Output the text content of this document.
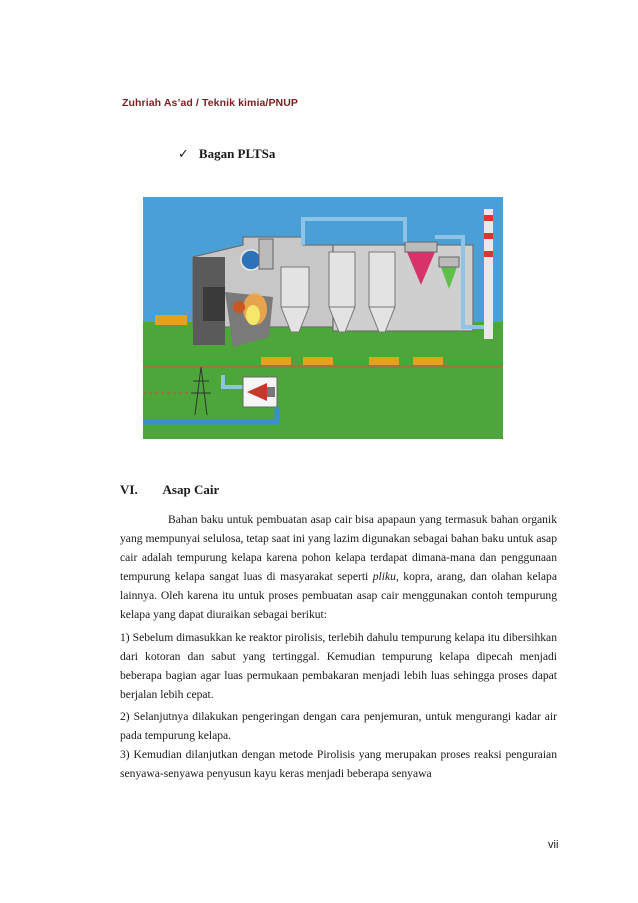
Zuhriah As’ad / Teknik kimia/PNUP
✓ Bagan PLTSa
VI. Asap Cair
Bahan baku untuk pembuatan asap cair bisa apapaun yang termasuk bahan organik yang mempunyai selulosa, tetap saat ini yang lazim digunakan sebagai bahan baku untuk asap cair adalah tempurung kelapa karena pohon kelapa terdapat dimana-mana dan penggunaan tempurung kelapa sangat luas di masyarakat seperti pliku, kopra, arang, dan olahan kelapa lainnya. Oleh karena itu untuk proses pembuatan asap cair menggunakan contoh tempurung kelapa yang dapat diuraikan sebagai berikut:
1) Sebelum dimasukkan ke reaktor pirolisis, terlebih dahulu tempurung kelapa itu dibersihkan dari kotoran dan sabut yang tertinggal. Kemudian tempurung kelapa dipecah menjadi beberapa bagian agar luas permukaan pembakaran menjadi lebih luas sehingga proses dapat berjalan lebih cepat.
2) Selanjutnya dilakukan pengeringan dengan cara penjemuran, untuk mengurangi kadar air pada tempurung kelapa.
3) Kemudian dilanjutkan dengan metode Pirolisis yang merupakan proses reaksi penguraian senyawa-senyawa penyusun kayu keras menjadi beberapa senyawa
vii
